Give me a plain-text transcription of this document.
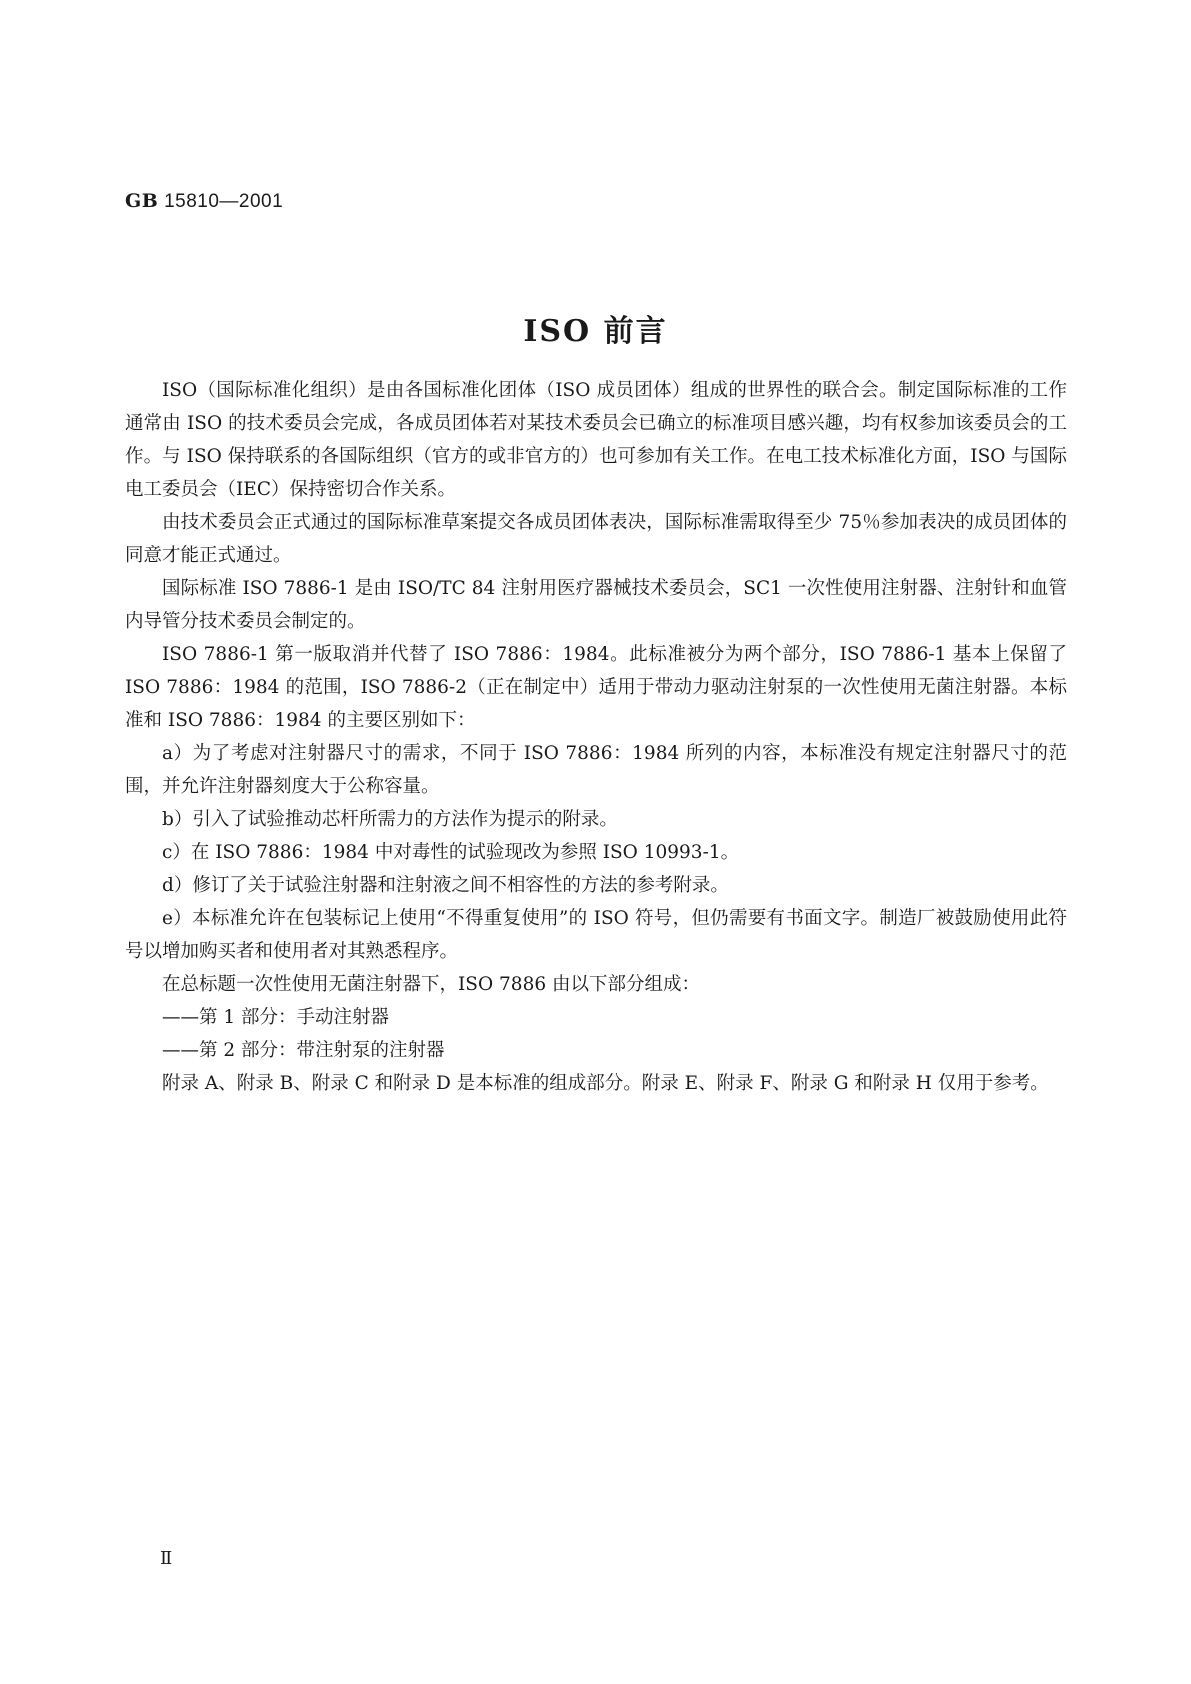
GB 15810—2001
ISO 前言

ISO（国际标准化组织）是由各国标准化团体（ISO 成员团体）组成的世界性的联合会。制定国际标准的工作通常由 ISO 的技术委员会完成，各成员团体若对某技术委员会已确立的标准项目感兴趣，均有权参加该委员会的工作。与 ISO 保持联系的各国际组织（官方的或非官方的）也可参加有关工作。在电工技术标准化方面，ISO 与国际电工委员会（IEC）保持密切合作关系。

由技术委员会正式通过的国际标准草案提交各成员团体表决，国际标准需取得至少 75％参加表决的成员团体的同意才能正式通过。

国际标准 ISO 7886-1 是由 ISO/TC 84 注射用医疗器械技术委员会，SC1 一次性使用注射器、注射针和血管内导管分技术委员会制定的。

ISO 7886-1 第一版取消并代替了 ISO 7886：1984。此标准被分为两个部分，ISO 7886-1 基本上保留了 ISO 7886：1984 的范围，ISO 7886-2（正在制定中）适用于带动力驱动注射泵的一次性使用无菌注射器。本标准和 ISO 7886：1984 的主要区别如下：

a）为了考虑对注射器尺寸的需求，不同于 ISO 7886：1984 所列的内容，本标准没有规定注射器尺寸的范围，并允许注射器刻度大于公称容量。

b）引入了试验推动芯杆所需力的方法作为提示的附录。

c）在 ISO 7886：1984 中对毒性的试验现改为参照 ISO 10993-1。

d）修订了关于试验注射器和注射液之间不相容性的方法的参考附录。

e）本标准允许在包装标记上使用“不得重复使用”的 ISO 符号，但仍需要有书面文字。制造厂被鼓励使用此符号以增加购买者和使用者对其熟悉程序。

在总标题一次性使用无菌注射器下，ISO 7886 由以下部分组成：

——第 1 部分：手动注射器

——第 2 部分：带注射泵的注射器

附录 A、附录 B、附录 C 和附录 D 是本标准的组成部分。附录 E、附录 F、附录 G 和附录 H 仅用于参考。

Ⅱ
